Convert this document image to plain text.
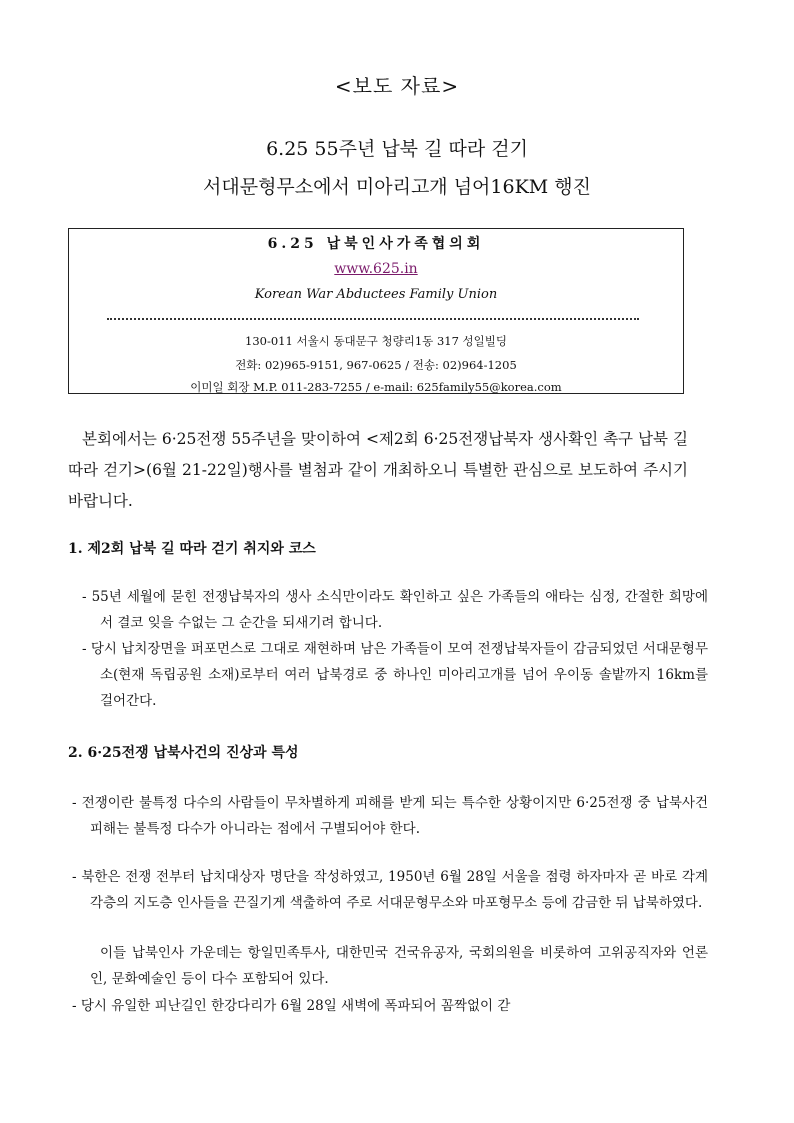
<보도 자료>
6.25 55주년 납북 길 따라 걷기
서대문형무소에서 미아리고개 넘어16KM 행진
6.25 납북인사가족협의회
www.625.in
Korean War Abductees Family Union
130-011 서울시 동대문구 청량리1동 317 성일빌딩
전화: 02)965-9151, 967-0625 / 전송: 02)964-1205
이미일 회장 M.P. 011-283-7255 / e-mail: 625family55@korea.com
본회에서는 6·25전쟁 55주년을 맞이하여 <제2회 6·25전쟁납북자 생사확인 촉구 납북 길 따라 걷기>(6월 21-22일)행사를 별첨과 같이 개최하오니 특별한 관심으로 보도하여 주시기 바랍니다.
1. 제2회 납북 길 따라 걷기 취지와 코스
- 55년 세월에 묻힌 전쟁납북자의 생사 소식만이라도 확인하고 싶은 가족들의 애타는 심정, 간절한 희망에서 결코 잊을 수없는 그 순간을 되새기려 합니다.
- 당시 납치장면을 퍼포먼스로 그대로 재현하며 남은 가족들이 모여 전쟁납북자들이 감금되었던 서대문형무소(현재 독립공원 소재)로부터 여러 납북경로 중 하나인 미아리고개를 넘어 우이동 솔밭까지 16km를 걸어간다.
2. 6·25전쟁 납북사건의 진상과 특성
- 전쟁이란 불특정 다수의 사람들이 무차별하게 피해를 받게 되는 특수한 상황이지만 6·25전쟁 중 납북사건 피해는 불특정 다수가 아니라는 점에서 구별되어야 한다.
- 북한은 전쟁 전부터 납치대상자 명단을 작성하였고, 1950년 6월 28일 서울을 점령 하자마자 곧 바로 각계각층의 지도층 인사들을 끈질기게 색출하여 주로 서대문형무소와 마포형무소 등에 감금한 뒤 납북하였다.
이들 납북인사 가운데는 항일민족투사, 대한민국 건국유공자, 국회의원을 비롯하여 고위공직자와 언론인, 문화예술인 등이 다수 포함되어 있다.
- 당시 유일한 피난길인 한강다리가 6월 28일 새벽에 폭파되어 꼼짝없이 갇
